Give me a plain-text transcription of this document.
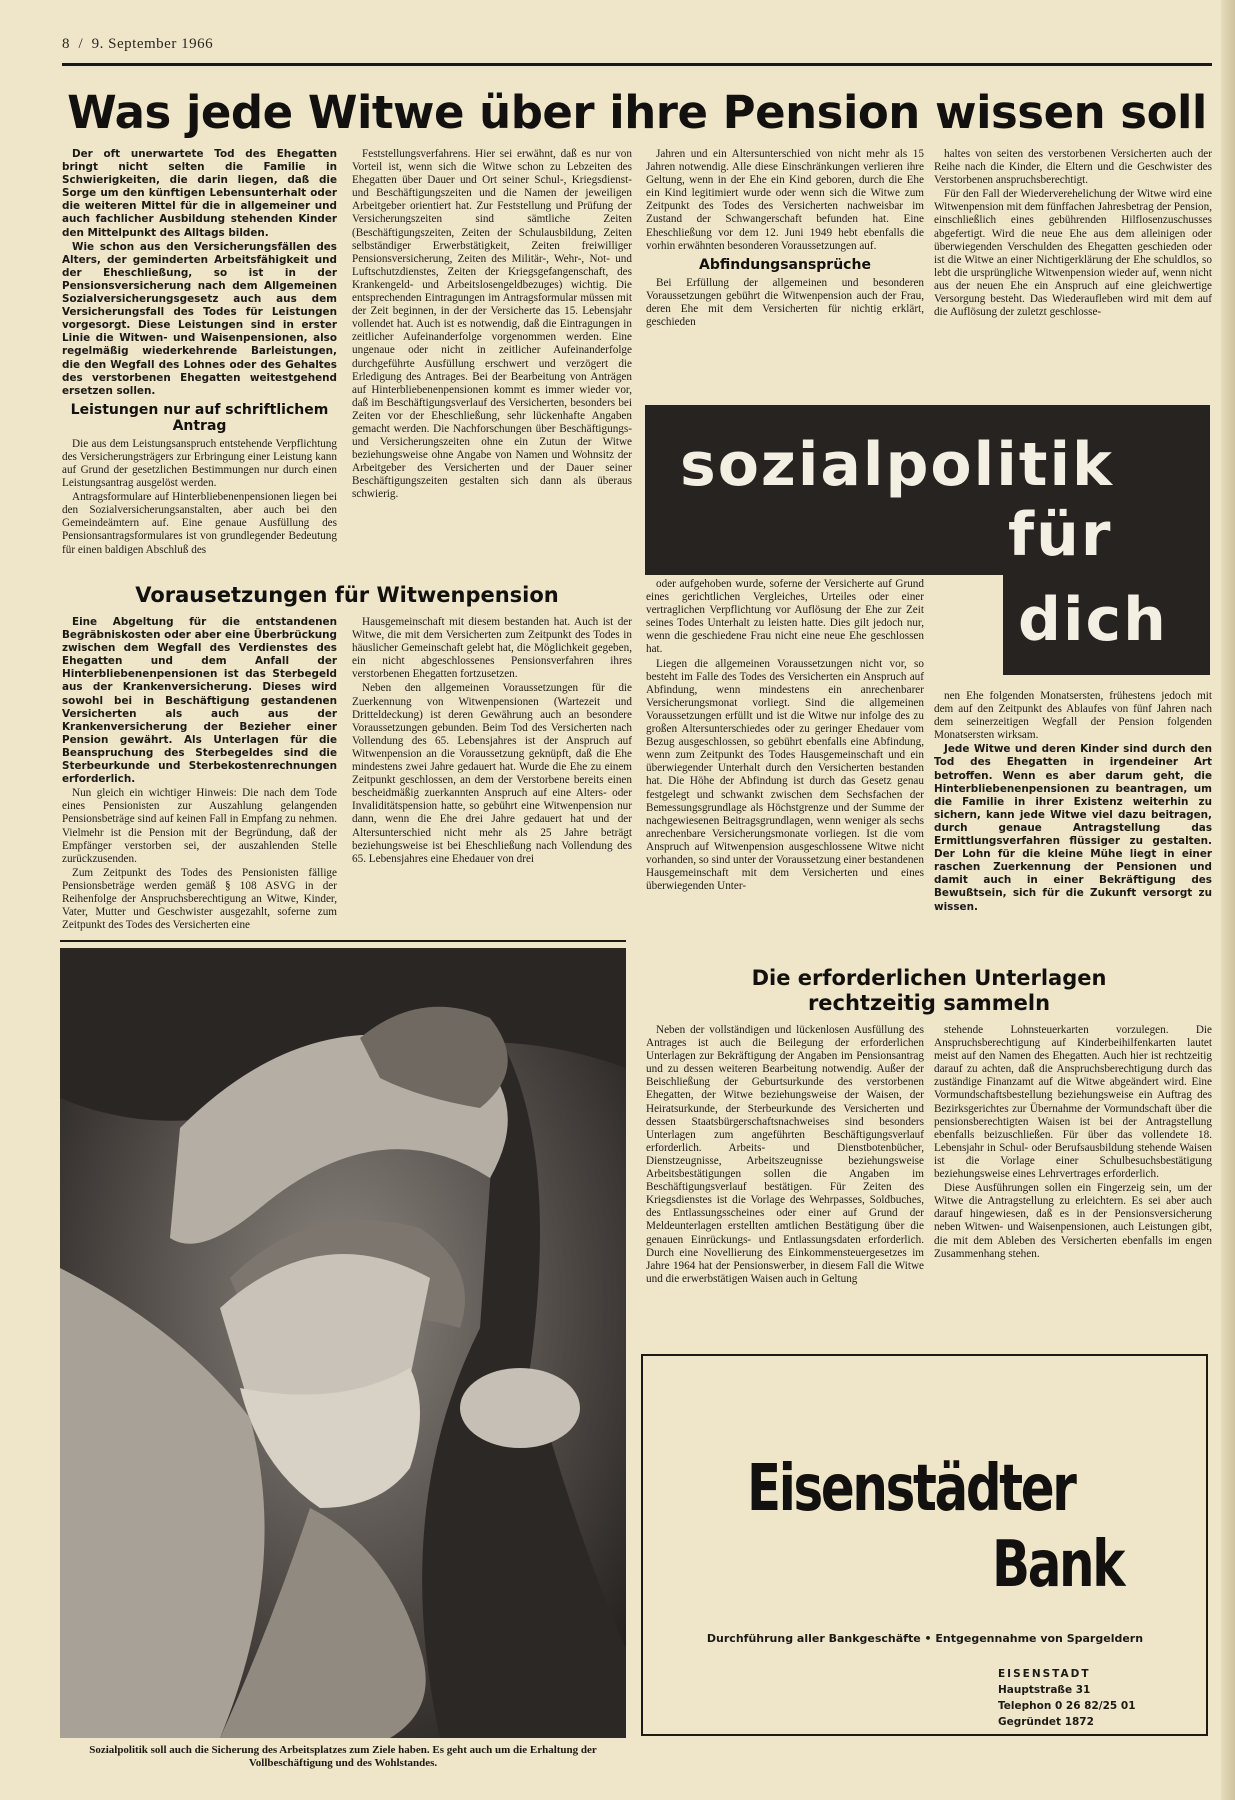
8 / 9. September 1966
Was jede Witwe über ihre Pension wissen soll

Der oft unerwartete Tod des Ehegatten bringt nicht selten die Familie in Schwierigkeiten, die darin liegen, daß die Sorge um den künftigen Lebensunterhalt oder die weiteren Mittel für die in allgemeiner und auch fachlicher Ausbildung stehenden Kinder den Mittelpunkt des Alltags bilden.

Wie schon aus den Versicherungsfällen des Alters, der geminderten Arbeitsfähigkeit und der Eheschließung, so ist in der Pensionsversicherung nach dem Allgemeinen Sozialversicherungsgesetz auch aus dem Versicherungsfall des Todes für Leistungen vorgesorgt. Diese Leistungen sind in erster Linie die Witwen- und Waisenpensionen, also regelmäßig wiederkehrende Barleistungen, die den Wegfall des Lohnes oder des Gehaltes des verstorbenen Ehegatten weitestgehend ersetzen sollen.

Leistungen nur auf schriftlichem Antrag

Die aus dem Leistungsanspruch entstehende Verpflichtung des Versicherungsträgers zur Erbringung einer Leistung kann auf Grund der gesetzlichen Bestimmungen nur durch einen Leistungsantrag ausgelöst werden.

Antragsformulare auf Hinterbliebenenpensionen liegen bei den Sozialversicherungsanstalten, aber auch bei den Gemeindeämtern auf. Eine genaue Ausfüllung des Pensionsantragsformulares ist von grundlegender Bedeutung für einen baldigen Abschluß des

Feststellungsverfahrens. Hier sei erwähnt, daß es nur von Vorteil ist, wenn sich die Witwe schon zu Lebzeiten des Ehegatten über Dauer und Ort seiner Schul-, Kriegsdienst- und Beschäftigungszeiten und die Namen der jeweiligen Arbeitgeber orientiert hat. Zur Feststellung und Prüfung der Versicherungszeiten sind sämtliche Zeiten (Beschäftigungszeiten, Zeiten der Schulausbildung, Zeiten selbständiger Erwerbstätigkeit, Zeiten freiwilliger Pensionsversicherung, Zeiten des Militär-, Wehr-, Not- und Luftschutzdienstes, Zeiten der Kriegsgefangenschaft, des Krankengeld- und Arbeitslosengeldbezuges) wichtig. Die entsprechenden Eintragungen im Antragsformular müssen mit der Zeit beginnen, in der der Versicherte das 15. Lebensjahr vollendet hat. Auch ist es notwendig, daß die Eintragungen in zeitlicher Aufeinanderfolge vorgenommen werden. Eine ungenaue oder nicht in zeitlicher Aufeinanderfolge durchgeführte Ausfüllung erschwert und verzögert die Erledigung des Antrages. Bei der Bearbeitung von Anträgen auf Hinterbliebenenpensionen kommt es immer wieder vor, daß im Beschäftigungsverlauf des Versicherten, besonders bei Zeiten vor der Eheschließung, sehr lückenhafte Angaben gemacht werden. Die Nachforschungen über Beschäftigungs- und Versicherungszeiten ohne ein Zutun der Witwe beziehungsweise ohne Angabe von Namen und Wohnsitz der Arbeitgeber des Versicherten und der Dauer seiner Beschäftigungszeiten gestalten sich dann als überaus schwierig.

Jahren und ein Altersunterschied von nicht mehr als 15 Jahren notwendig. Alle diese Einschränkungen verlieren ihre Geltung, wenn in der Ehe ein Kind geboren, durch die Ehe ein Kind legitimiert wurde oder wenn sich die Witwe zum Zeitpunkt des Todes des Versicherten nachweisbar im Zustand der Schwangerschaft befunden hat. Eine Eheschließung vor dem 12. Juni 1949 hebt ebenfalls die vorhin erwähnten besonderen Voraussetzungen auf.

Abfindungsansprüche

Bei Erfüllung der allgemeinen und besonderen Voraussetzungen gebührt die Witwenpension auch der Frau, deren Ehe mit dem Versicherten für nichtig erklärt, geschieden

haltes von seiten des verstorbenen Versicherten auch der Reihe nach die Kinder, die Eltern und die Geschwister des Verstorbenen anspruchsberechtigt.

Für den Fall der Wiederverehelichung der Witwe wird eine Witwenpension mit dem fünffachen Jahresbetrag der Pension, einschließlich eines gebührenden Hilflosenzuschusses abgefertigt. Wird die neue Ehe aus dem alleinigen oder überwiegenden Verschulden des Ehegatten geschieden oder ist die Witwe an einer Nichtigerklärung der Ehe schuldlos, so lebt die ursprüngliche Witwenpension wieder auf, wenn nicht aus der neuen Ehe ein Anspruch auf eine gleichwertige Versorgung besteht. Das Wiederaufleben wird mit dem auf die Auflösung der zuletzt geschlosse-

sozialpolitik
für
dich
Vorausetzungen für Witwenpension

Eine Abgeltung für die entstandenen Begräbniskosten oder aber eine Überbrückung zwischen dem Wegfall des Verdienstes des Ehegatten und dem Anfall der Hinterbliebenenpensionen ist das Sterbegeld aus der Krankenversicherung. Dieses wird sowohl bei in Beschäftigung gestandenen Versicherten als auch aus der Krankenversicherung der Bezieher einer Pension gewährt. Als Unterlagen für die Beanspruchung des Sterbegeldes sind die Sterbeurkunde und Sterbekostenrechnungen erforderlich.

Nun gleich ein wichtiger Hinweis: Die nach dem Tode eines Pensionisten zur Auszahlung gelangenden Pensionsbeträge sind auf keinen Fall in Empfang zu nehmen. Vielmehr ist die Pension mit der Begründung, daß der Empfänger verstorben sei, der auszahlenden Stelle zurückzusenden.

Zum Zeitpunkt des Todes des Pensionisten fällige Pensionsbeträge werden gemäß § 108 ASVG in der Reihenfolge der Anspruchsberechtigung an Witwe, Kinder, Vater, Mutter und Geschwister ausgezahlt, soferne zum Zeitpunkt des Todes des Versicherten eine

Hausgemeinschaft mit diesem bestanden hat. Auch ist der Witwe, die mit dem Versicherten zum Zeitpunkt des Todes in häuslicher Gemeinschaft gelebt hat, die Möglichkeit gegeben, ein nicht abgeschlossenes Pensionsverfahren ihres verstorbenen Ehegatten fortzusetzen.

Neben den allgemeinen Voraussetzungen für die Zuerkennung von Witwenpensionen (Wartezeit und Dritteldeckung) ist deren Gewährung auch an besondere Voraussetzungen gebunden. Beim Tod des Versicherten nach Vollendung des 65. Lebensjahres ist der Anspruch auf Witwenpension an die Voraussetzung geknüpft, daß die Ehe mindestens zwei Jahre gedauert hat. Wurde die Ehe zu einem Zeitpunkt geschlossen, an dem der Verstorbene bereits einen bescheidmäßig zuerkannten Anspruch auf eine Alters- oder Invaliditätspension hatte, so gebührt eine Witwenpension nur dann, wenn die Ehe drei Jahre gedauert hat und der Altersunterschied nicht mehr als 25 Jahre beträgt beziehungsweise ist bei Eheschließung nach Vollendung des 65. Lebensjahres eine Ehedauer von drei

oder aufgehoben wurde, soferne der Versicherte auf Grund eines gerichtlichen Vergleiches, Urteiles oder einer vertraglichen Verpflichtung vor Auflösung der Ehe zur Zeit seines Todes Unterhalt zu leisten hatte. Dies gilt jedoch nur, wenn die geschiedene Frau nicht eine neue Ehe geschlossen hat.

Liegen die allgemeinen Voraussetzungen nicht vor, so besteht im Falle des Todes des Versicherten ein Anspruch auf Abfindung, wenn mindestens ein anrechenbarer Versicherungsmonat vorliegt. Sind die allgemeinen Voraussetzungen erfüllt und ist die Witwe nur infolge des zu großen Altersunterschiedes oder zu geringer Ehedauer vom Bezug ausgeschlossen, so gebührt ebenfalls eine Abfindung, wenn zum Zeitpunkt des Todes Hausgemeinschaft und ein überwiegender Unterhalt durch den Versicherten bestanden hat. Die Höhe der Abfindung ist durch das Gesetz genau festgelegt und schwankt zwischen dem Sechsfachen der Bemessungsgrundlage als Höchstgrenze und der Summe der nachgewiesenen Beitragsgrundlagen, wenn weniger als sechs anrechenbare Versicherungsmonate vorliegen. Ist die vom Anspruch auf Witwenpension ausgeschlossene Witwe nicht vorhanden, so sind unter der Voraussetzung einer bestandenen Hausgemeinschaft mit dem Versicherten und eines überwiegenden Unter-

nen Ehe folgenden Monatsersten, frühestens jedoch mit dem auf den Zeitpunkt des Ablaufes von fünf Jahren nach dem seinerzeitigen Wegfall der Pension folgenden Monatsersten wirksam.

Jede Witwe und deren Kinder sind durch den Tod des Ehegatten in irgendeiner Art betroffen. Wenn es aber darum geht, die Hinterbliebenenpensionen zu beantragen, um die Familie in ihrer Existenz weiterhin zu sichern, kann jede Witwe viel dazu beitragen, durch genaue Antragstellung das Ermittlungsverfahren flüssiger zu gestalten. Der Lohn für die kleine Mühe liegt in einer raschen Zuerkennung der Pensionen und damit auch in einer Bekräftigung des Bewußtsein, sich für die Zukunft versorgt zu wissen.

Die erforderlichen Unterlagen
rechtzeitig sammeln

Neben der vollständigen und lückenlosen Ausfüllung des Antrages ist auch die Beilegung der erforderlichen Unterlagen zur Bekräftigung der Angaben im Pensionsantrag und zu dessen weiteren Bearbeitung notwendig. Außer der Beischließung der Geburtsurkunde des verstorbenen Ehegatten, der Witwe beziehungsweise der Waisen, der Heiratsurkunde, der Sterbeurkunde des Versicherten und dessen Staatsbürgerschaftsnachweises sind besonders Unterlagen zum angeführten Beschäftigungsverlauf erforderlich. Arbeits- und Dienstbotenbücher, Dienstzeugnisse, Arbeitszeugnisse beziehungsweise Arbeitsbestätigungen sollen die Angaben im Beschäftigungsverlauf bestätigen. Für Zeiten des Kriegsdienstes ist die Vorlage des Wehrpasses, Soldbuches, des Entlassungsscheines oder einer auf Grund der Meldeunterlagen erstellten amtlichen Bestätigung über die genauen Einrückungs- und Entlassungsdaten erforderlich. Durch eine Novellierung des Einkommensteuergesetzes im Jahre 1964 hat der Pensionswerber, in diesem Fall die Witwe und die erwerbstätigen Waisen auch in Geltung

stehende Lohnsteuerkarten vorzulegen. Die Anspruchsberechtigung auf Kinderbeihilfenkarten lautet meist auf den Namen des Ehegatten. Auch hier ist rechtzeitig darauf zu achten, daß die Anspruchsberechtigung durch das zuständige Finanzamt auf die Witwe abgeändert wird. Eine Vormundschaftsbestellung beziehungsweise ein Auftrag des Bezirksgerichtes zur Übernahme der Vormundschaft über die pensionsberechtigten Waisen ist bei der Antragstellung ebenfalls beizuschließen. Für über das vollendete 18. Lebensjahr in Schul- oder Berufsausbildung stehende Waisen ist die Vorlage einer Schulbesuchsbestätigung beziehungsweise eines Lehrvertrages erforderlich.

Diese Ausführungen sollen ein Fingerzeig sein, um der Witwe die Antragstellung zu erleichtern. Es sei aber auch darauf hingewiesen, daß es in der Pensionsversicherung neben Witwen- und Waisenpensionen, auch Leistungen gibt, die mit dem Ableben des Versicherten ebenfalls im engen Zusammenhang stehen.

Sozialpolitik soll auch die Sicherung des Arbeitsplatzes zum Ziele haben. Es geht auch um die Erhaltung der Vollbeschäftigung und des Wohlstandes.
Eisenstädter
Bank
Durchführung aller Bankgeschäfte • Entgegennahme von Spargeldern
EISENSTADT
Hauptstraße 31
Telephon 0 26 82/25 01
Gegründet 1872
